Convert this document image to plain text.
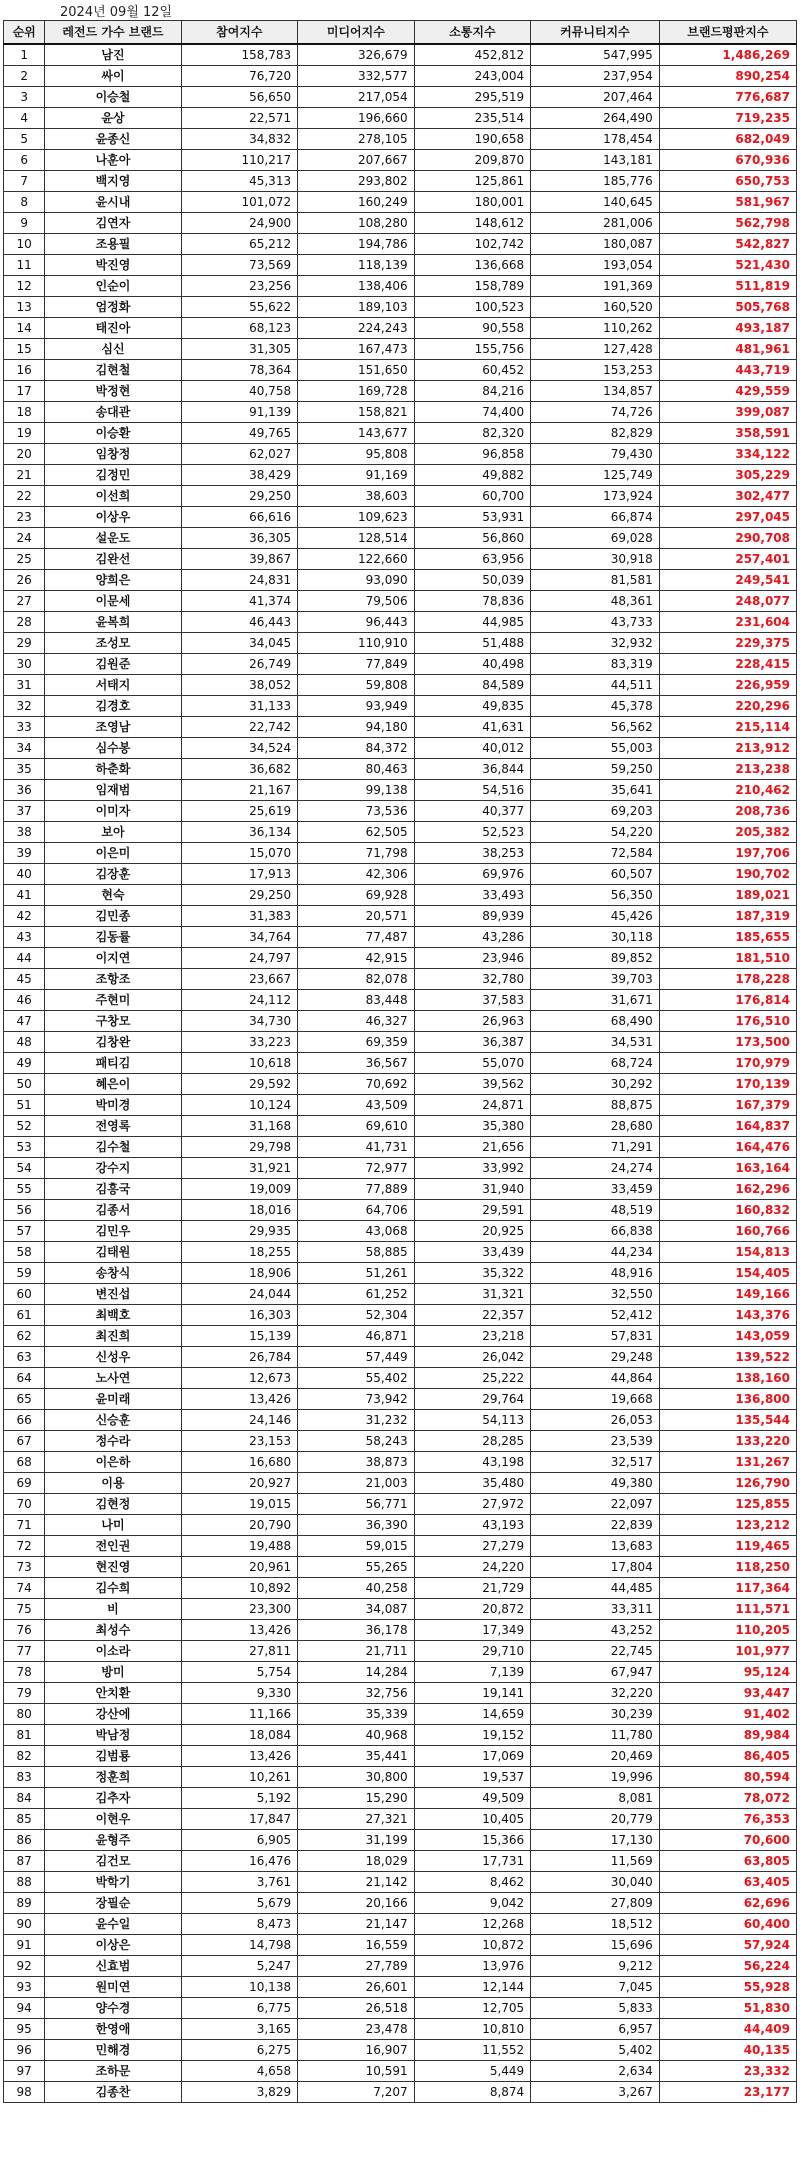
2024년 09월 12일
순위	레전드 가수 브랜드	참여지수	미디어지수	소통지수	커뮤니티지수	브랜드평판지수
1	남진	158,783	326,679	452,812	547,995	1,486,269
2	싸이	76,720	332,577	243,004	237,954	890,254
3	이승철	56,650	217,054	295,519	207,464	776,687
4	윤상	22,571	196,660	235,514	264,490	719,235
5	윤종신	34,832	278,105	190,658	178,454	682,049
6	나훈아	110,217	207,667	209,870	143,181	670,936
7	백지영	45,313	293,802	125,861	185,776	650,753
8	윤시내	101,072	160,249	180,001	140,645	581,967
9	김연자	24,900	108,280	148,612	281,006	562,798
10	조용필	65,212	194,786	102,742	180,087	542,827
11	박진영	73,569	118,139	136,668	193,054	521,430
12	인순이	23,256	138,406	158,789	191,369	511,819
13	엄정화	55,622	189,103	100,523	160,520	505,768
14	태진아	68,123	224,243	90,558	110,262	493,187
15	심신	31,305	167,473	155,756	127,428	481,961
16	김현철	78,364	151,650	60,452	153,253	443,719
17	박정현	40,758	169,728	84,216	134,857	429,559
18	송대관	91,139	158,821	74,400	74,726	399,087
19	이승환	49,765	143,677	82,320	82,829	358,591
20	임창정	62,027	95,808	96,858	79,430	334,122
21	김정민	38,429	91,169	49,882	125,749	305,229
22	이선희	29,250	38,603	60,700	173,924	302,477
23	이상우	66,616	109,623	53,931	66,874	297,045
24	설운도	36,305	128,514	56,860	69,028	290,708
25	김완선	39,867	122,660	63,956	30,918	257,401
26	양희은	24,831	93,090	50,039	81,581	249,541
27	이문세	41,374	79,506	78,836	48,361	248,077
28	윤복희	46,443	96,443	44,985	43,733	231,604
29	조성모	34,045	110,910	51,488	32,932	229,375
30	김원준	26,749	77,849	40,498	83,319	228,415
31	서태지	38,052	59,808	84,589	44,511	226,959
32	김경호	31,133	93,949	49,835	45,378	220,296
33	조영남	22,742	94,180	41,631	56,562	215,114
34	심수봉	34,524	84,372	40,012	55,003	213,912
35	하춘화	36,682	80,463	36,844	59,250	213,238
36	임재범	21,167	99,138	54,516	35,641	210,462
37	이미자	25,619	73,536	40,377	69,203	208,736
38	보아	36,134	62,505	52,523	54,220	205,382
39	이은미	15,070	71,798	38,253	72,584	197,706
40	김장훈	17,913	42,306	69,976	60,507	190,702
41	현숙	29,250	69,928	33,493	56,350	189,021
42	김민종	31,383	20,571	89,939	45,426	187,319
43	김동률	34,764	77,487	43,286	30,118	185,655
44	이지연	24,797	42,915	23,946	89,852	181,510
45	조항조	23,667	82,078	32,780	39,703	178,228
46	주현미	24,112	83,448	37,583	31,671	176,814
47	구창모	34,730	46,327	26,963	68,490	176,510
48	김창완	33,223	69,359	36,387	34,531	173,500
49	패티김	10,618	36,567	55,070	68,724	170,979
50	혜은이	29,592	70,692	39,562	30,292	170,139
51	박미경	10,124	43,509	24,871	88,875	167,379
52	전영록	31,168	69,610	35,380	28,680	164,837
53	김수철	29,798	41,731	21,656	71,291	164,476
54	강수지	31,921	72,977	33,992	24,274	163,164
55	김흥국	19,009	77,889	31,940	33,459	162,296
56	김종서	18,016	64,706	29,591	48,519	160,832
57	김민우	29,935	43,068	20,925	66,838	160,766
58	김태원	18,255	58,885	33,439	44,234	154,813
59	송창식	18,906	51,261	35,322	48,916	154,405
60	변진섭	24,044	61,252	31,321	32,550	149,166
61	최백호	16,303	52,304	22,357	52,412	143,376
62	최진희	15,139	46,871	23,218	57,831	143,059
63	신성우	26,784	57,449	26,042	29,248	139,522
64	노사연	12,673	55,402	25,222	44,864	138,160
65	윤미래	13,426	73,942	29,764	19,668	136,800
66	신승훈	24,146	31,232	54,113	26,053	135,544
67	정수라	23,153	58,243	28,285	23,539	133,220
68	이은하	16,680	38,873	43,198	32,517	131,267
69	이용	20,927	21,003	35,480	49,380	126,790
70	김현정	19,015	56,771	27,972	22,097	125,855
71	나미	20,790	36,390	43,193	22,839	123,212
72	전인권	19,488	59,015	27,279	13,683	119,465
73	현진영	20,961	55,265	24,220	17,804	118,250
74	김수희	10,892	40,258	21,729	44,485	117,364
75	비	23,300	34,087	20,872	33,311	111,571
76	최성수	13,426	36,178	17,349	43,252	110,205
77	이소라	27,811	21,711	29,710	22,745	101,977
78	방미	5,754	14,284	7,139	67,947	95,124
79	안치환	9,330	32,756	19,141	32,220	93,447
80	강산에	11,166	35,339	14,659	30,239	91,402
81	박남정	18,084	40,968	19,152	11,780	89,984
82	김범룡	13,426	35,441	17,069	20,469	86,405
83	정훈희	10,261	30,800	19,537	19,996	80,594
84	김추자	5,192	15,290	49,509	8,081	78,072
85	이현우	17,847	27,321	10,405	20,779	76,353
86	윤형주	6,905	31,199	15,366	17,130	70,600
87	김건모	16,476	18,029	17,731	11,569	63,805
88	박학기	3,761	21,142	8,462	30,040	63,405
89	장필순	5,679	20,166	9,042	27,809	62,696
90	윤수일	8,473	21,147	12,268	18,512	60,400
91	이상은	14,798	16,559	10,872	15,696	57,924
92	신효범	5,247	27,789	13,976	9,212	56,224
93	원미연	10,138	26,601	12,144	7,045	55,928
94	양수경	6,775	26,518	12,705	5,833	51,830
95	한영애	3,165	23,478	10,810	6,957	44,409
96	민해경	6,275	16,907	11,552	5,402	40,135
97	조하문	4,658	10,591	5,449	2,634	23,332
98	김종찬	3,829	7,207	8,874	3,267	23,177
